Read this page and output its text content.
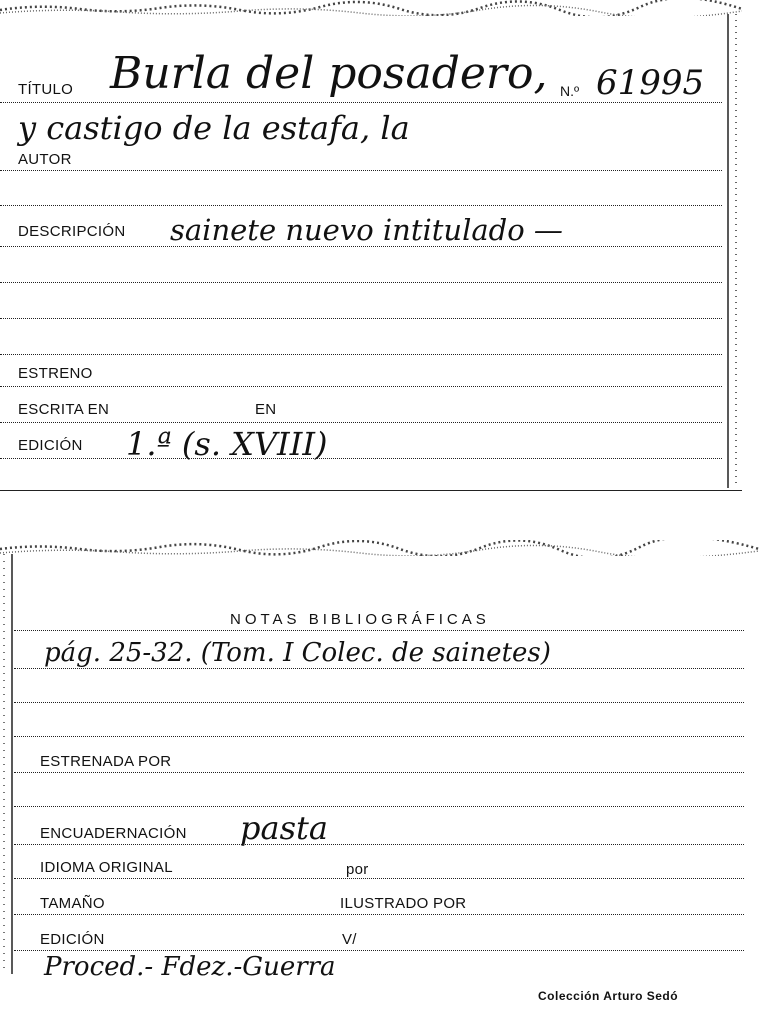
TÍTULO Burla del posadero, N.º 61995
y castigo de la estafa, la
AUTOR
DESCRIPCIÓN sainete nuevo intitulado —
ESTRENO
ESCRITA EN	EN
EDICIÓN 1.ª (s. XVIII)
NOTAS BIBLIOGRÁFICAS
pág. 25-32. (Tom. I Colec. de sainetes)
ESTRENADA POR
ENCUADERNACIÓN pasta
IDIOMA ORIGINAL	por
TAMAÑO	ILUSTRADO POR
EDICIÓN	V/
Proced.- Fdez.-Guerra
Colección Arturo Sedó
